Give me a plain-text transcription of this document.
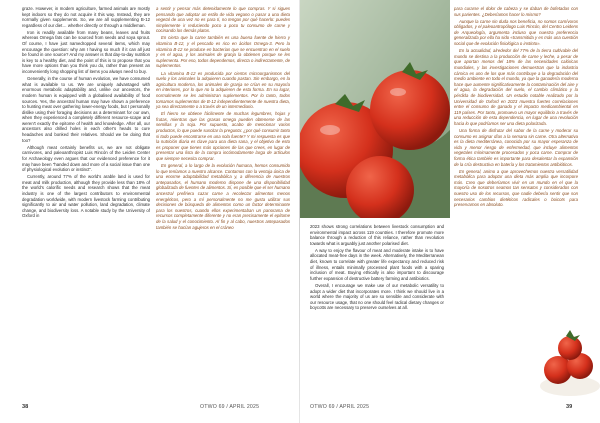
graze. However, in modern agriculture, farmed animals are mostly kept indoors so they do not acquire it this way. Instead, they are normally given supplements. So, we are all supplementing B-12 regardless of our diet… whether directly or through a middleman.

Iron is readily available from many beans, leaves and fruits whereas Omega fats can be sourced from seeds and soya sprout. Of course, I have just namedropped several items, which may encourage the question: why am I having so much if it can all just be found in one source? And my answer is that day-to-day nutrition is key to a healthy diet, and the point of this is to propose that you have more options than you think you do, rather than present an inconveniently long shopping list of items you always need to buy.

Generally, in the course of human evolution, we have consumed what is available to us. We are uniquely advantaged with enormous metabolic adaptability and, unlike our ancestors, the modern human is equipped with a globalised availability of food sources. Yes, the ancestral human may have shown a preference to hunting meat over gathering lower-energy foods, but I personally dislike using their foraging decisions as a determinant for our own, when they experienced a completely different resource-scape and weren't exactly the epitome of health and knowledge. After all, our ancestors also drilled holes in each other's heads to cure headaches and bonked their relatives. Should we be doing that too?

Although meat certainly benefits us, we are not obligate carnivores, and paleoanthropist Luis Rincón of the Leiden Center for Archaeology even argues that our evidenced preference for it may have been "handed down and more of a social issue than one of physiological evolution or instinct".

Currently, around 77% of the world's arable land is used for meat and milk production, although they provide less than 18% of the world's calorific needs and research shows that the meat industry is one of the largest contributors to environmental degradation worldwide, with modern livestock farming contributing significantly to air and water pollution, land degradation, climate change, and biodiversity loss. A notable study by the University of Oxford in

a sentir y pensar más detenidamente lo que compras. Y si sigues pensando que adoptar un estilo de vida vegano o pasar a una dieta vegetal de una vez no es para ti, no tengas por qué hacerlo: puedes simplemente ir reduciendo poco a poco tu consumo de carne y cocinando los demás platos.

En cierta que la carne también es una buena fuente de hierro y vitamina B-12, y el pescado es rico en ácidos Omega-3. Pero la vitamina B-12 se produce en bacterias que se encuentran en el suelo y en el agua, y los animales de granja la obtienen porque se les suplementa. Por eso, todos dependemos, directa o indirectamente, de suplementos.

La vitamina B-12 es producida por ciertos microorganismos del suelo y los animales la adquieren cuando pastan. Sin embargo, en la agricultura moderna, los animales de granja se crían en su mayoría en interiores, por lo que no la adquieren de esta forma. En su lugar, normalmente se les administran suplementos. Por lo tanto, todos tomamos suplementos de B-12 independientemente de nuestra dieta, ya sea directamente o a través de un intermediario.

El hierro se obtiene fácilmente de muchas legumbres, hojas y frutas, mientras que las grasas omega pueden obtenerse de las semillas y la soja. Por supuesto, acabo de mencionar varios productos, lo que puede suscitar la pregunta: ¿por qué consumir tanto si todo puede encontrarse en una sola fuente? Y mi respuesta es que la nutrición diaria es clave para una dieta sana, y el objetivo de esto es proponer que tienes más opciones de las que crees, en lugar de presentar una lista de la compra incómodamente larga de artículos que siempre necesita comprar.

En general, a lo largo de la evolución humana, hemos consumido lo que teníamos a nuestro alcance. Contamos con la ventaja única de una enorme adaptabilidad metabólica y, a diferencia de nuestros antepasados, el humano moderno dispone de una disponibilidad globalizada de fuentes de alimentos. Sí, es posible que el ser humano ancestral prefiriera cazar carne a recolectar alimentos menos energéticos, pero a mí personalmente no me gusta utilizar sus decisiones de búsqueda de alimentos como un factor determinante para los nuestros, cuando ellos experimentaban un panorama de recursos completamente diferente y no eran precisamente el epítome de la salud y el conocimiento. Al fin y al cabo, nuestros antepasados también se hacían agujeros en el cráneo

38	OTWO 69 / APRIL 2025

2023 shows strong correlations between livestock consumption and environmental impact across 119 countries. I therefore promote more balance through a reduction of this reliance, rather than revolution towards what is arguably just another polarised diet.

A way to enjoy the flavour of meat and moderate intake is to have allocated meat-free days in the week. Alternatively, the Mediterranean diet, known to correlate with greater life expectancy and reduced risk of illness, entails minimally processed plant foods with a sparing inclusion of meat. Buying ethically is also important to discourage further expansion of destructive battery farming and antibiotics.

Overall, I encourage we make use of our metabolic versatility to adopt a wider diet that incorporates more. I think we should live in a world where the majority of us are so sensible and considerate with our resource usage, that no one should feel radical dietary changes or boycotts are necessary to preserve ourselves at all.

para curarse el dolor de cabeza y se daban de bofetadas con sus parientes. ¿Deberíamos hacer lo mismo?

Aunque la carne sin duda nos beneficia, no somos carnívoros obligados, y el paleoantropólogo Luis Rincón, del Centro Leidens de Arqueología, argumenta incluso que nuestra preferencia generalizada por ella ha sido «transmitida y es más una cuestión social que de evolución fisiológica o instinto».

En la actualidad, alrededor del 77% de la tierra cultivable del mundo se destina a la producción de carne y leche, a pesar de que aportan menos del 18% de las necesidades calóricas mundiales, y las investigaciones demuestran que la industria cárnica es uno de los que más contribuye a la degradación del medio ambiente en todo el mundo, ya que la ganadería moderna hace que aumente significativamente la contaminación del aire y el agua, la degradación del suelo, el cambio climático y la pérdida de biodiversidad. Un estudio notable realizado por la Universidad de Oxford en 2023 muestra fuertes correlaciones entre el consumo de ganado y el impacto medioambiental en 119 países. Por tanto, promuevo un mayor equilibrio a través de una reducción de esta dependencia, en lugar de una revolución hacia lo que podríamos ser una dieta polarizada.

Una forma de disfrutar del sabor de la carne y moderar su consumo es asignar días a la semana sin carne. Otra alternativa es la dieta mediterránea, conocida por su mayor esperanza de vida y menor riesgo de enfermedad, que incluye alimentos vegetales mínimamente procesados y poca carne. Comprar de forma ética también es importante para desalentar la expansión de la cría destructiva en batería y los tratamientos antibióticos.

En general, animo a que aprovechemos nuestra versatilidad metabólica para adoptar una dieta más amplia que incorpore más. Creo que deberíamos vivir en un mundo en el que la mayoría de nosotros seamos tan sensatos y considerados con nuestro uso de los recursos, que nadie debería sentir que son necesarios cambios dietéticos radicales o boicots para preservarnos en absoluto.

OTWO 69 / APRIL 2025	39
